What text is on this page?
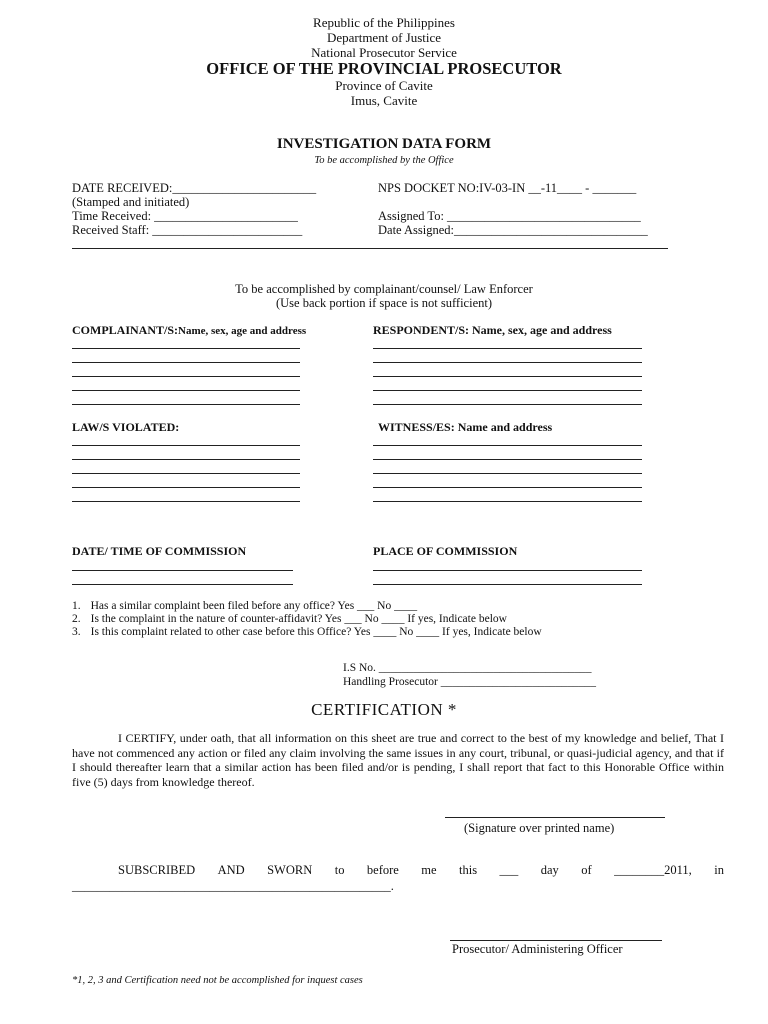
Republic of the Philippines
Department of Justice
National Prosecutor Service
OFFICE OF THE PROVINCIAL PROSECUTOR
Province of Cavite
Imus, Cavite
INVESTIGATION DATA FORM
To be accomplished by the Office
DATE RECEIVED:_______________________
(Stamped and initiated)
Time Received: _______________________
Received Staff: ________________________
NPS DOCKET NO:IV-03-IN __-11____ - _______
Assigned To: _______________________________
Date Assigned:_______________________________
To be accomplished by complainant/counsel/ Law Enforcer
(Use back portion if space is not sufficient)
COMPLAINANT/S:Name, sex, age and address	RESPONDENT/S: Name, sex, age and address
LAW/S VIOLATED:	WITNESS/ES: Name and address
DATE/ TIME OF COMMISSION	PLACE OF COMMISSION
1. Has a similar complaint been filed before any office? Yes ___ No ____
2. Is the complaint in the nature of counter-affidavit? Yes ___ No ____ If yes, Indicate below
3. Is this complaint related to other case before this Office? Yes ____ No ____ If yes, Indicate below
I.S No. _____________________________________
Handling Prosecutor ___________________________
CERTIFICATION *
I CERTIFY, under oath, that all information on this sheet are true and correct to the best of my knowledge and belief, That I have not commenced any action or filed any claim involving the same issues in any court, tribunal, or quasi-judicial agency, and that if I should thereafter learn that a similar action has been filed and/or is pending, I shall report that fact to this Honorable Office within five (5) days from knowledge thereof.
(Signature over printed name)
SUBSCRIBED AND SWORN to before me this ___ day of ________2011, in
___________________________________________________.
Prosecutor/ Administering Officer
*1, 2, 3 and Certification need not be accomplished for inquest cases
